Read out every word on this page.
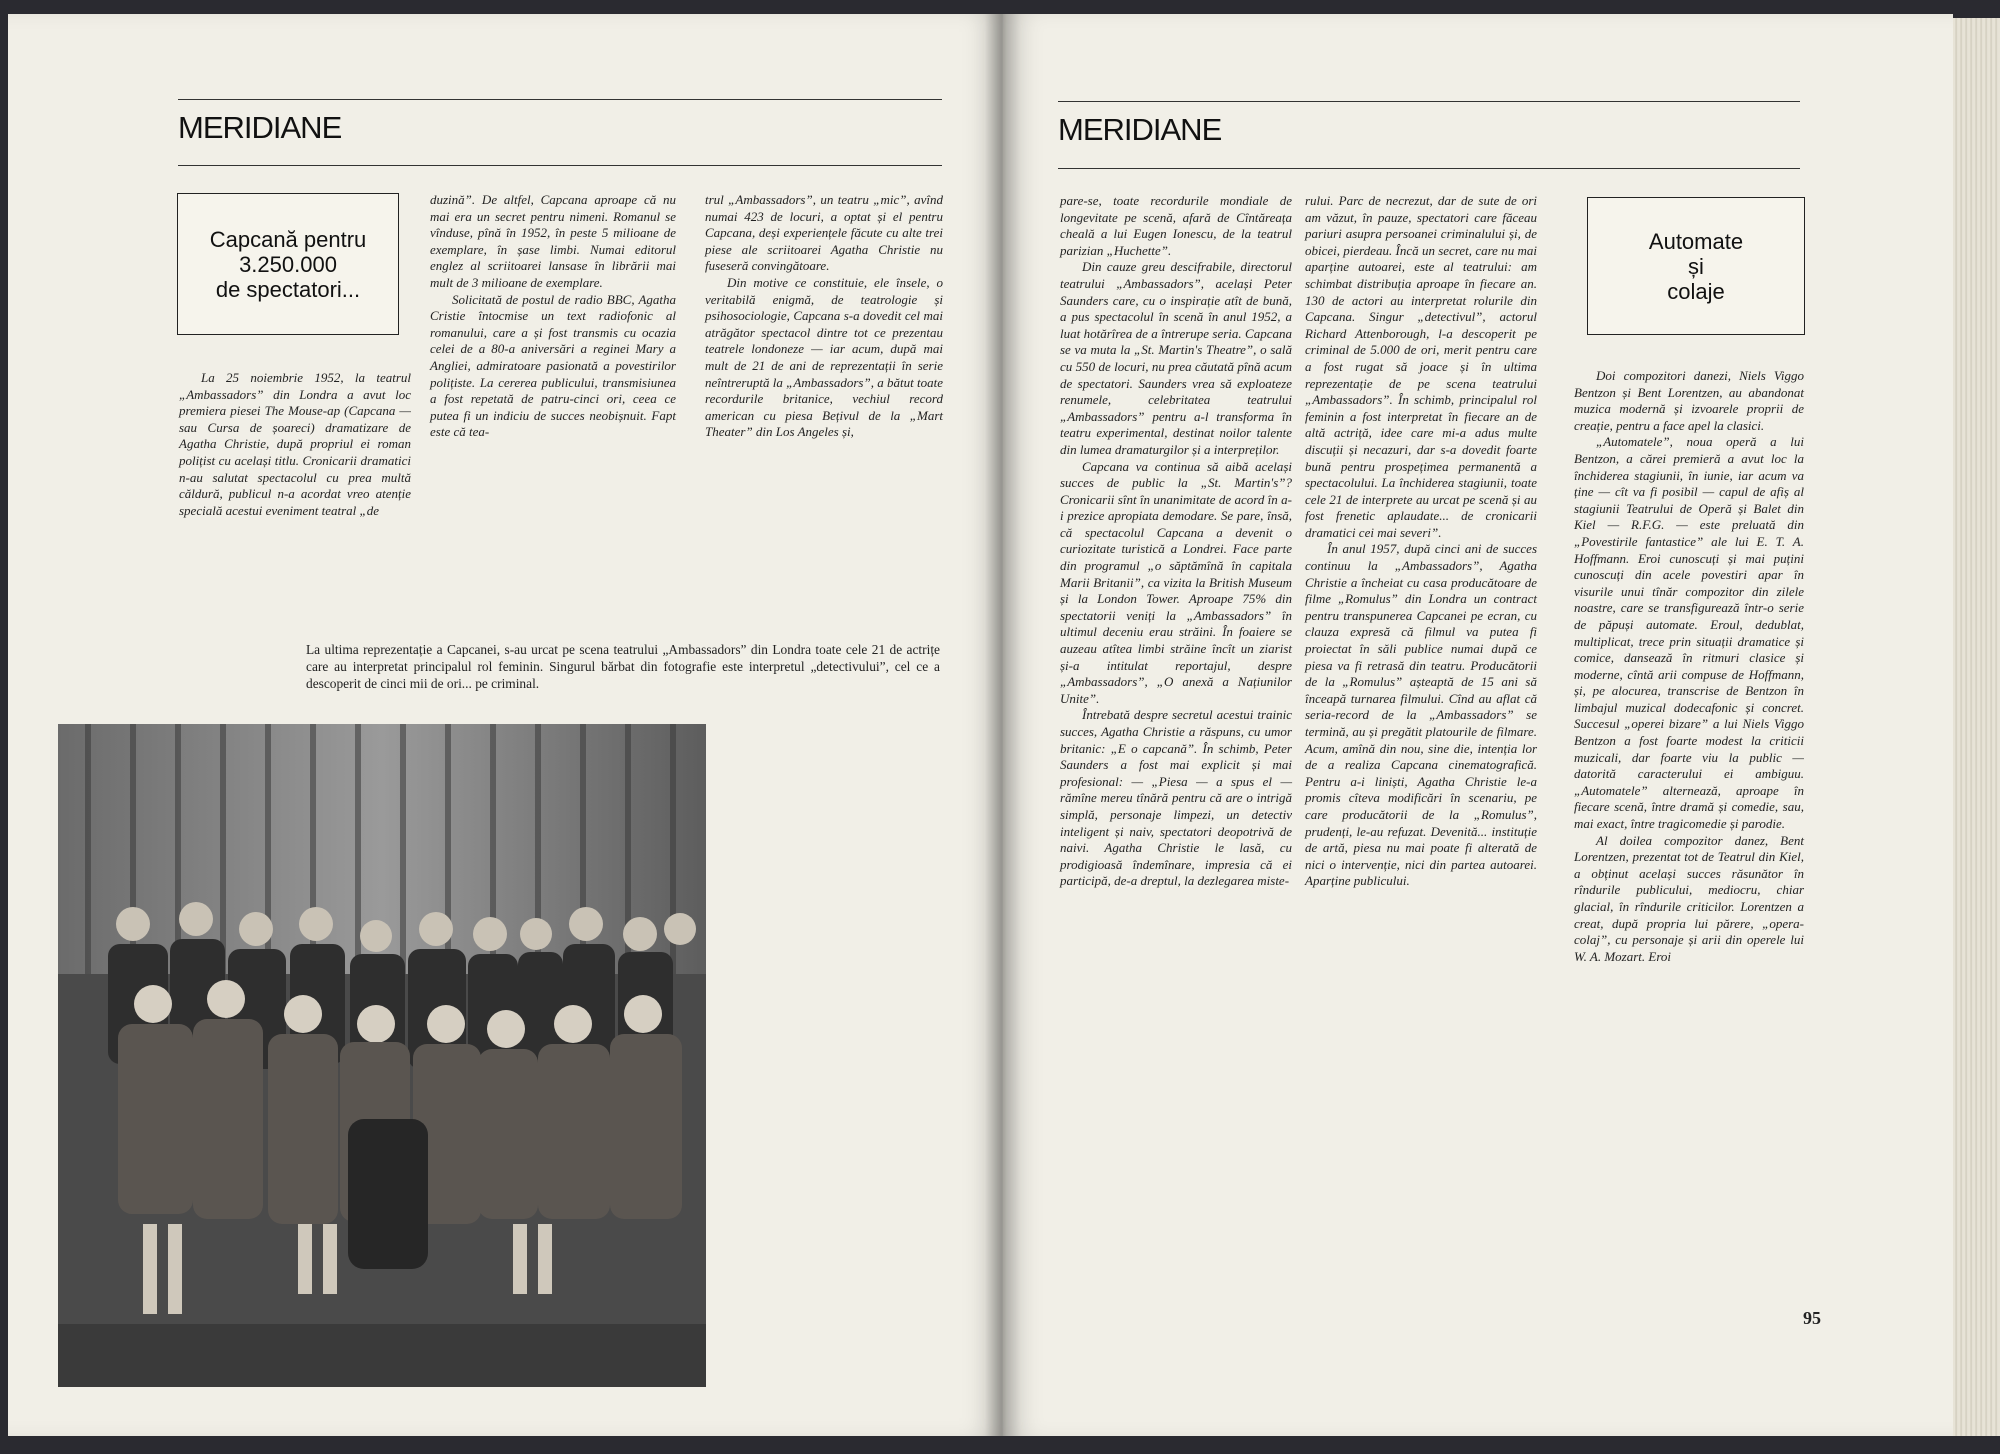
MERIDIANE
Capcană pentru
3.250.000
de spectatori...

La 25 noiembrie 1952, la teatrul „Ambassadors” din Londra a avut loc premiera piesei The Mouse-ap (Capcana — sau Cursa de șoareci) dramatizare de Agatha Christie, după propriul ei roman polițist cu același titlu. Cronicarii dramatici n-au salutat spectacolul cu prea multă căldură, publicul n-a acordat vreo atenție specială acestui eveniment teatral „de

duzină”. De altfel, Capcana aproape că nu mai era un secret pentru nimeni. Romanul se vînduse, pînă în 1952, în peste 5 milioane de exemplare, în șase limbi. Numai editorul englez al scriitoarei lansase în librării mai mult de 3 milioane de exemplare.

Solicitată de postul de radio BBC, Agatha Cristie întocmise un text radiofonic al romanului, care a și fost transmis cu ocazia celei de a 80-a aniversări a reginei Mary a Angliei, admiratoare pasionată a povestirilor polițiste. La cererea publicului, transmisiunea a fost repetată de patru-cinci ori, ceea ce putea fi un indiciu de succes neobișnuit. Fapt este că tea-

trul „Ambassadors”, un teatru „mic”, avînd numai 423 de locuri, a optat și el pentru Capcana, deși experiențele făcute cu alte trei piese ale scriitoarei Agatha Christie nu fuseseră convingătoare.

Din motive ce constituie, ele însele, o veritabilă enigmă, de teatrologie și psihosociologie, Capcana s-a dovedit cel mai atrăgător spectacol dintre tot ce prezentau teatrele londoneze — iar acum, după mai mult de 21 de ani de reprezentații în serie neîntreruptă la „Ambassadors”, a bătut toate recordurile britanice, vechiul record american cu piesa Bețivul de la „Mart Theater” din Los Angeles și,

La ultima reprezentație a Capcanei, s-au urcat pe scena teatrului „Ambassadors” din Londra toate cele 21 de actrițe care au interpretat principalul rol feminin. Singurul bărbat din fotografie este interpretul „detectivului”, cel ce a descoperit de cinci mii de ori... pe criminal.
MERIDIANE

pare-se, toate recordurile mondiale de longevitate pe scenă, afară de Cîntăreața cheală a lui Eugen Ionescu, de la teatrul parizian „Huchette”.

Din cauze greu descifrabile, directorul teatrului „Ambassadors”, același Peter Saunders care, cu o inspirație atît de bună, a pus spectacolul în scenă în anul 1952, a luat hotărîrea de a întrerupe seria. Capcana se va muta la „St. Martin's Theatre”, o sală cu 550 de locuri, nu prea căutată pînă acum de spectatori. Saunders vrea să exploateze renumele, celebritatea teatrului „Ambassadors” pentru a-l transforma în teatru experimental, destinat noilor talente din lumea dramaturgilor și a interpreților.

Capcana va continua să aibă același succes de public la „St. Martin's”? Cronicarii sînt în unanimitate de acord în a-i prezice apropiata demodare. Se pare, însă, că spectacolul Capcana a devenit o curiozitate turistică a Londrei. Face parte din programul „o săptămînă în capitala Marii Britanii”, ca vizita la British Museum și la London Tower. Aproape 75% din spectatorii veniți la „Ambassadors” în ultimul deceniu erau străini. În foaiere se auzeau atîtea limbi străine încît un ziarist și-a intitulat reportajul, despre „Ambassadors”, „O anexă a Națiunilor Unite”.

Întrebată despre secretul acestui trainic succes, Agatha Christie a răspuns, cu umor britanic: „E o capcană”. În schimb, Peter Saunders a fost mai explicit și mai profesional: — „Piesa — a spus el — rămîne mereu tînără pentru că are o intrigă simplă, personaje limpezi, un detectiv inteligent și naiv, spectatori deopotrivă de naivi. Agatha Christie le lasă, cu prodigioasă îndemînare, impresia că ei participă, de-a dreptul, la dezlegarea miste-

rului. Parc de necrezut, dar de sute de ori am văzut, în pauze, spectatori care făceau pariuri asupra persoanei criminalului și, de obicei, pierdeau. Încă un secret, care nu mai aparține autoarei, este al teatrului: am schimbat distribuția aproape în fiecare an. 130 de actori au interpretat rolurile din Capcana. Singur „detectivul”, actorul Richard Attenborough, l-a descoperit pe criminal de 5.000 de ori, merit pentru care a fost rugat să joace și în ultima reprezentație de pe scena teatrului „Ambassadors”. În schimb, principalul rol feminin a fost interpretat în fiecare an de altă actriță, idee care mi-a adus multe discuții și necazuri, dar s-a dovedit foarte bună pentru prospețimea permanentă a spectacolului. La închiderea stagiunii, toate cele 21 de interprete au urcat pe scenă și au fost frenetic aplaudate... de cronicarii dramatici cei mai severi”.

În anul 1957, după cinci ani de succes continuu la „Ambassadors”, Agatha Christie a încheiat cu casa producătoare de filme „Romulus” din Londra un contract pentru transpunerea Capcanei pe ecran, cu clauza expresă că filmul va putea fi proiectat în săli publice numai după ce piesa va fi retrasă din teatru. Producătorii de la „Romulus” așteaptă de 15 ani să înceapă turnarea filmului. Cînd au aflat că seria-record de la „Ambassadors” se termină, au și pregătit platourile de filmare. Acum, amînă din nou, sine die, intenția lor de a realiza Capcana cinematografică. Pentru a-i liniști, Agatha Christie le-a promis cîteva modificări în scenariu, pe care producătorii de la „Romulus”, prudenți, le-au refuzat. Devenită... instituție de artă, piesa nu mai poate fi alterată de nici o intervenție, nici din partea autoarei. Aparține publicului.

Automate
și
colaje

Doi compozitori danezi, Niels Viggo Bentzon și Bent Lorentzen, au abandonat muzica modernă și izvoarele proprii de creație, pentru a face apel la clasici.

„Automatele”, noua operă a lui Bentzon, a cărei premieră a avut loc la închiderea stagiunii, în iunie, iar acum va ține — cît va fi posibil — capul de afiș al stagiunii Teatrului de Operă și Balet din Kiel — R.F.G. — este preluată din „Povestirile fantastice” ale lui E. T. A. Hoffmann. Eroi cunoscuți și mai puțini cunoscuți din acele povestiri apar în visurile unui tînăr compozitor din zilele noastre, care se transfigurează într-o serie de păpuși automate. Eroul, dedublat, multiplicat, trece prin situații dramatice și comice, dansează în ritmuri clasice și moderne, cîntă arii compuse de Hoffmann, și, pe alocurea, transcrise de Bentzon în limbajul muzical dodecafonic și concret. Succesul „operei bizare” a lui Niels Viggo Bentzon a fost foarte modest la criticii muzicali, dar foarte viu la public — datorită caracterului ei ambiguu. „Automatele” alternează, aproape în fiecare scenă, între dramă și comedie, sau, mai exact, între tragicomedie și parodie.

Al doilea compozitor danez, Bent Lorentzen, prezentat tot de Teatrul din Kiel, a obținut același succes răsunător în rîndurile publicului, mediocru, chiar glacial, în rîndurile criticilor. Lorentzen a creat, după propria lui părere, „opera-colaj”, cu personaje și arii din operele lui W. A. Mozart. Eroi

95
